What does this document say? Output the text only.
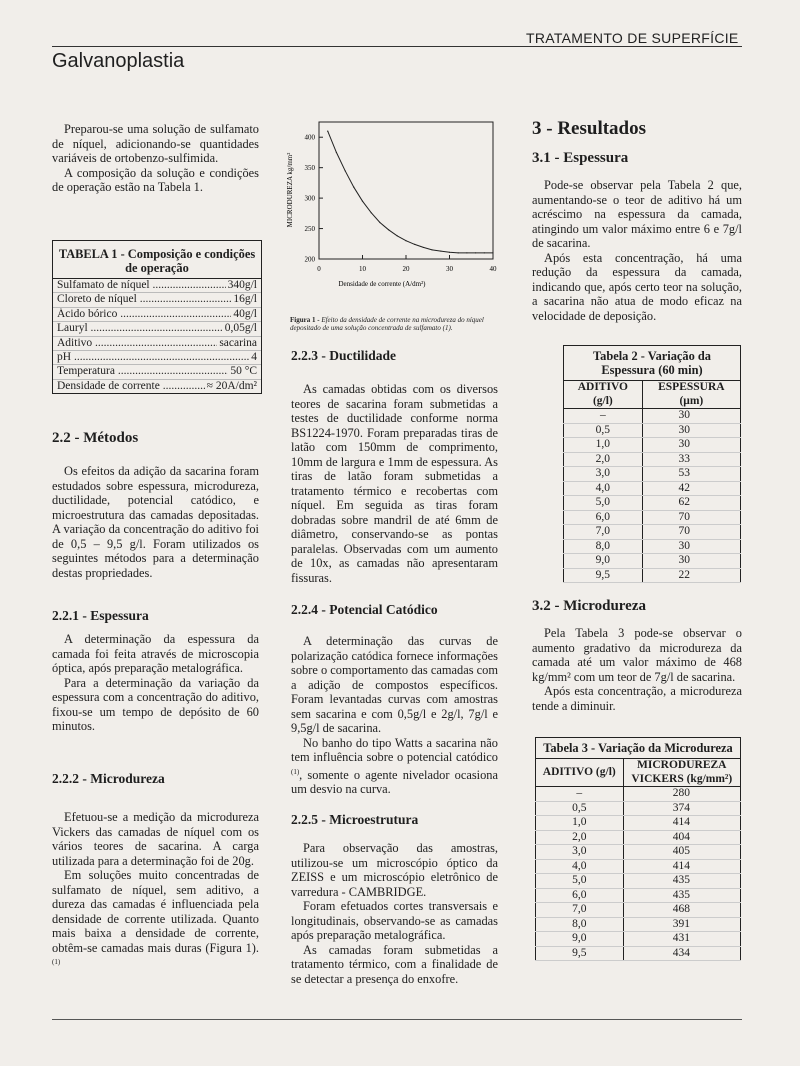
TRATAMENTO DE SUPERFÍCIE
Galvanoplastia

Preparou-se uma solução de sulfamato de níquel, adicionando-se quantidades variáveis de ortobenzo-sulfimida.

A composição da solução e condições de operação estão na Tabela 1.

TABELA 1 - Composição e condições de operação
Sulfamato de níquel .....	340g/l
Cloreto de níquel .....	16g/l
Ácido bórico .....	40g/l
Lauryl .....	0,05g/l
Aditivo .....	sacarina
pH .....	4
Temperatura .....	50 °C
Densidade de corrente .....	≈ 20A/dm²

2.2 - Métodos

Os efeitos da adição da sacarina foram estudados sobre espessura, microdureza, ductilidade, potencial catódico, e microestrutura das camadas depositadas. A variação da concentração do aditivo foi de 0,5 – 9,5 g/l. Foram utilizados os seguintes métodos para a determinação destas propriedades.

2.2.1 - Espessura

A determinação da espessura da camada foi feita através de microscopia óptica, após preparação metalográfica.

Para a determinação da variação da espessura com a concentração do aditivo, fixou-se um tempo de depósito de 60 minutos.

2.2.2 - Microdureza

Efetuou-se a medição da microdureza Vickers das camadas de níquel com os vários teores de sacarina. A carga utilizada para a determinação foi de 20g.

Em soluções muito concentradas de sulfamato de níquel, sem aditivo, a dureza das camadas é influenciada pela densidade de corrente utilizada. Quanto mais baixa a densidade de corrente, obtêm-se camadas mais duras (Figura 1).$^{(1)}$

200
250
300
350
400
0	10	20	30	40
Densidade de corrente (A/dm²)
MICRODUREZA kg/mm²
Figura 1 - Efeito da densidade de corrente na microdureza do níquel depositado de uma solução concentrada de sulfamato (1).

2.2.3 - Ductilidade

As camadas obtidas com os diversos teores de sacarina foram submetidas a testes de ductilidade conforme norma BS1224-1970. Foram preparadas tiras de latão com 150mm de comprimento, 10mm de largura e 1mm de espessura. As tiras de latão foram submetidas a tratamento térmico e recobertas com níquel. Em seguida as tiras foram dobradas sobre mandril de até 6mm de diâmetro, conservando-se as pontas paralelas. Observadas com um aumento de 10x, as camadas não apresentaram fissuras.

2.2.4 - Potencial Catódico

A determinação das curvas de polarização catódica fornece informações sobre o comportamento das camadas com a adição de compostos específicos. Foram levantadas curvas com amostras sem sacarina e com 0,5g/l e 2g/l, 7g/l e 9,5g/l de sacarina.

No banho do tipo Watts a sacarina não tem influência sobre o potencial catódico $^{(1)}$, somente o agente nivelador ocasiona um desvio na curva.

2.2.5 - Microestrutura

Para observação das amostras, utilizou-se um microscópio óptico da ZEISS e um microscópio eletrônico de varredura - CAMBRIDGE.

Foram efetuados cortes transversais e longitudinais, observando-se as camadas após preparação metalográfica.

As camadas foram submetidas a tratamento térmico, com a finalidade de se detectar a presença do enxofre.

3 - Resultados

3.1 - Espessura

Pode-se observar pela Tabela 2 que, aumentando-se o teor de aditivo há um acréscimo na espessura da camada, atingindo um valor máximo entre 6 e 7g/l de sacarina.

Após esta concentração, há uma redução da espessura da camada, indicando que, após certo teor na solução, a sacarina não atua de modo eficaz na velocidade de deposição.

Tabela 2 - Variação da Espessura (60 min)	
ADITIVO (g/l)	ESPESSURA (μm)
–	30
0,5	30
1,0	30
2,0	33
3,0	53
4,0	42
5,0	62
6,0	70
7,0	70
8,0	30
9,0	30
9,5	22

3.2 - Microdureza

Pela Tabela 3 pode-se observar o aumento gradativo da microdureza da camada até um valor máximo de 468 kg/mm² com um teor de 7g/l de sacarina.

Após esta concentração, a microdureza tende a diminuir.

Tabela 3 - Variação da Microdureza	
ADITIVO (g/l)	MICRODUREZA
VICKERS (kg/mm²)
–	280
0,5	374
1,0	414
2,0	404
3,0	405
4,0	414
5,0	435
6,0	435
7,0	468
8,0	391
9,0	431
9,5	434
